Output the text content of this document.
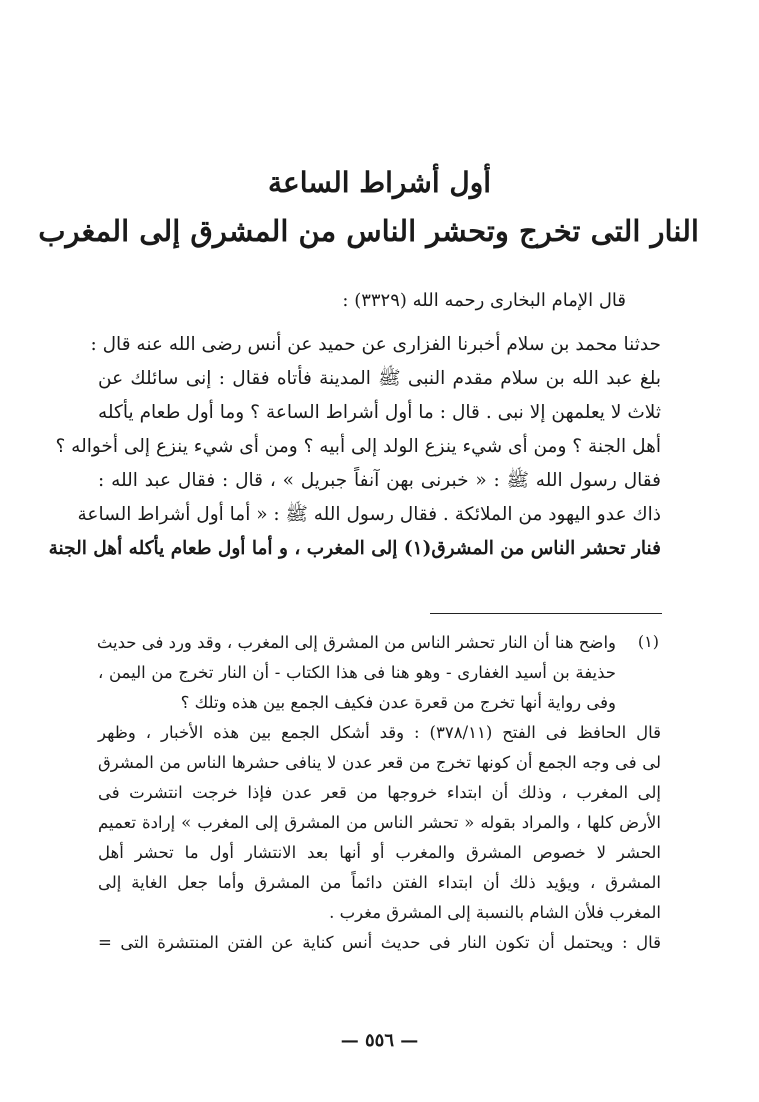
أول أشراط الساعة
النار التى تخرج وتحشر الناس من المشرق إلى المغرب
قال الإمام البخارى رحمه الله (٣٣٢٩) :
حدثنا محمد بن سلام أخبرنا الفزارى عن حميد عن أنس رضى الله عنه قال :
بلغ عبد الله بن سلام مقدم النبى ﷺ المدينة فأتاه فقال : إنى سائلك عن
ثلاث لا يعلمهن إلا نبى . قال : ما أول أشراط الساعة ؟ وما أول طعام يأكله
أهل الجنة ؟ ومن أى شيء ينزع الولد إلى أبيه ؟ ومن أى شيء ينزع إلى أخواله ؟
فقال رسول الله ﷺ : « خبرنى بهن آنفاً جبريل » ، قال : فقال عبد الله :
ذاك عدو اليهود من الملائكة . فقال رسول الله ﷺ : « أما أول أشراط الساعة
فنار تحشر الناس من المشرق(١) إلى المغرب ، و أما أول طعام يأكله أهل الجنة
(١)
واضح هنا أن النار تحشر الناس من المشرق إلى المغرب ، وقد ورد فى حديث
حذيفة بن أسيد الغفارى - وهو هنا فى هذا الكتاب - أن النار تخرج من اليمن ،
وفى رواية أنها تخرج من قعرة عدن فكيف الجمع بين هذه وتلك ؟
قال الحافظ فى الفتح (٣٧٨/١١) : وقد أشكل الجمع بين هذه الأخبار ، وظهر
لى فى وجه الجمع أن كونها تخرج من قعر عدن لا ينافى حشرها الناس من المشرق
إلى المغرب ، وذلك أن ابتداء خروجها من قعر عدن فإذا خرجت انتشرت فى
الأرض كلها ، والمراد بقوله « تحشر الناس من المشرق إلى المغرب » إرادة تعميم
الحشر لا خصوص المشرق والمغرب أو أنها بعد الانتشار أول ما تحشر أهل
المشرق ، ويؤيد ذلك أن ابتداء الفتن دائماً من المشرق وأما جعل الغاية إلى
المغرب فلأن الشام بالنسبة إلى المشرق مغرب .
قال : ويحتمل أن تكون النار فى حديث أنس كناية عن الفتن المنتشرة التى =
— ٥٥٦ —
